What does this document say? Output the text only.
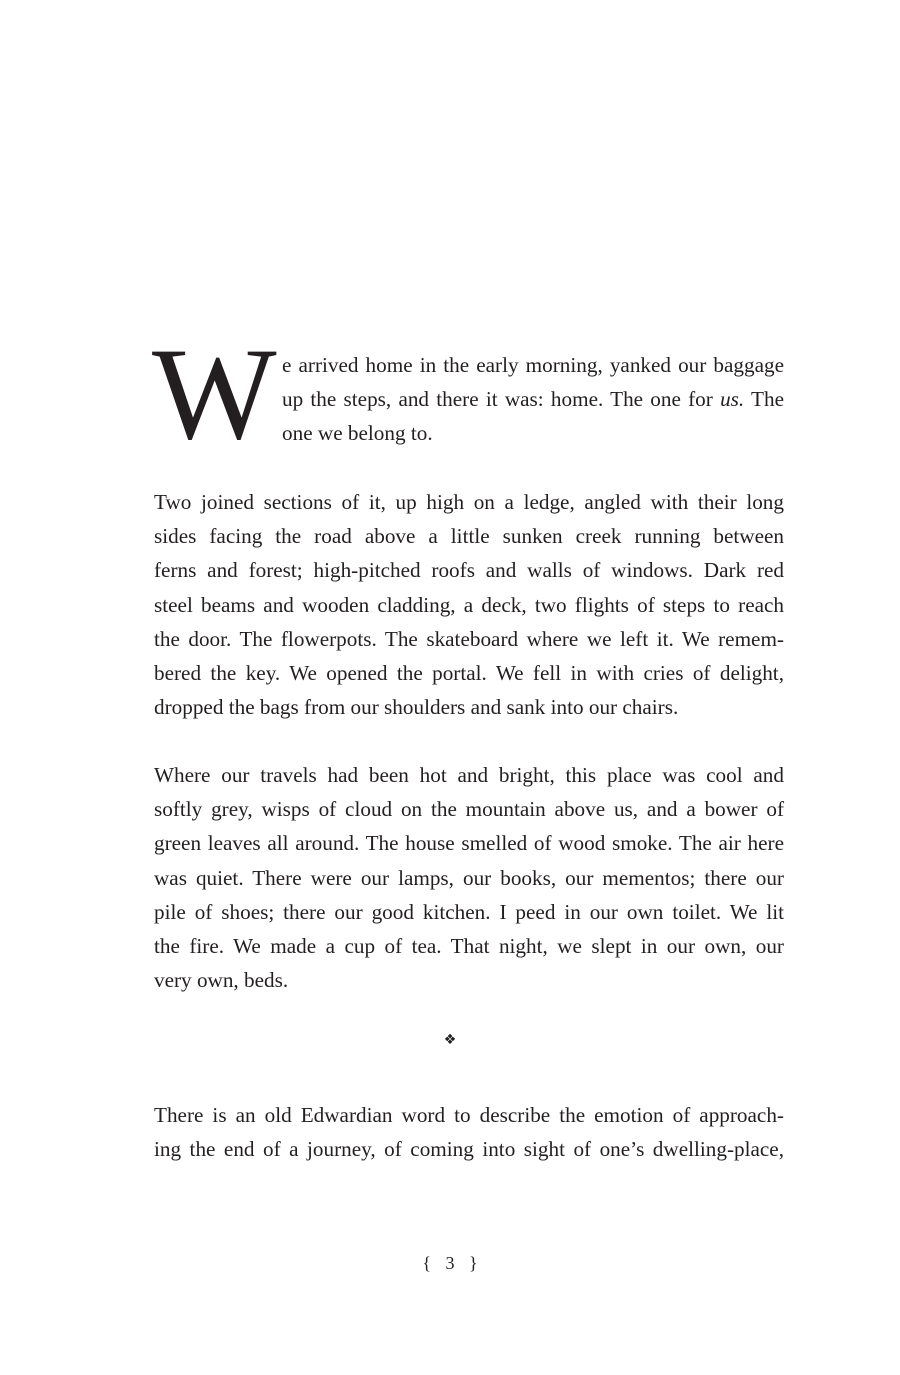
W e arrived home in the early morning, yanked our baggage
up the steps, and there it was: home. The one for us. The
one we belong to.
Two joined sections of it, up high on a ledge, angled with their long
sides facing the road above a little sunken creek running between
ferns and forest; high-pitched roofs and walls of windows. Dark red
steel beams and wooden cladding, a deck, two flights of steps to reach
the door. The flowerpots. The skateboard where we left it. We remem-
bered the key. We opened the portal. We fell in with cries of delight,
dropped the bags from our shoulders and sank into our chairs.
Where our travels had been hot and bright, this place was cool and
softly grey, wisps of cloud on the mountain above us, and a bower of
green leaves all around. The house smelled of wood smoke. The air here
was quiet. There were our lamps, our books, our mementos; there our
pile of shoes; there our good kitchen. I peed in our own toilet. We lit
the fire. We made a cup of tea. That night, we slept in our own, our
very own, beds.
❖
There is an old Edwardian word to describe the emotion of approach-
ing the end of a journey, of coming into sight of one’s dwelling-place,
{ 3 }
